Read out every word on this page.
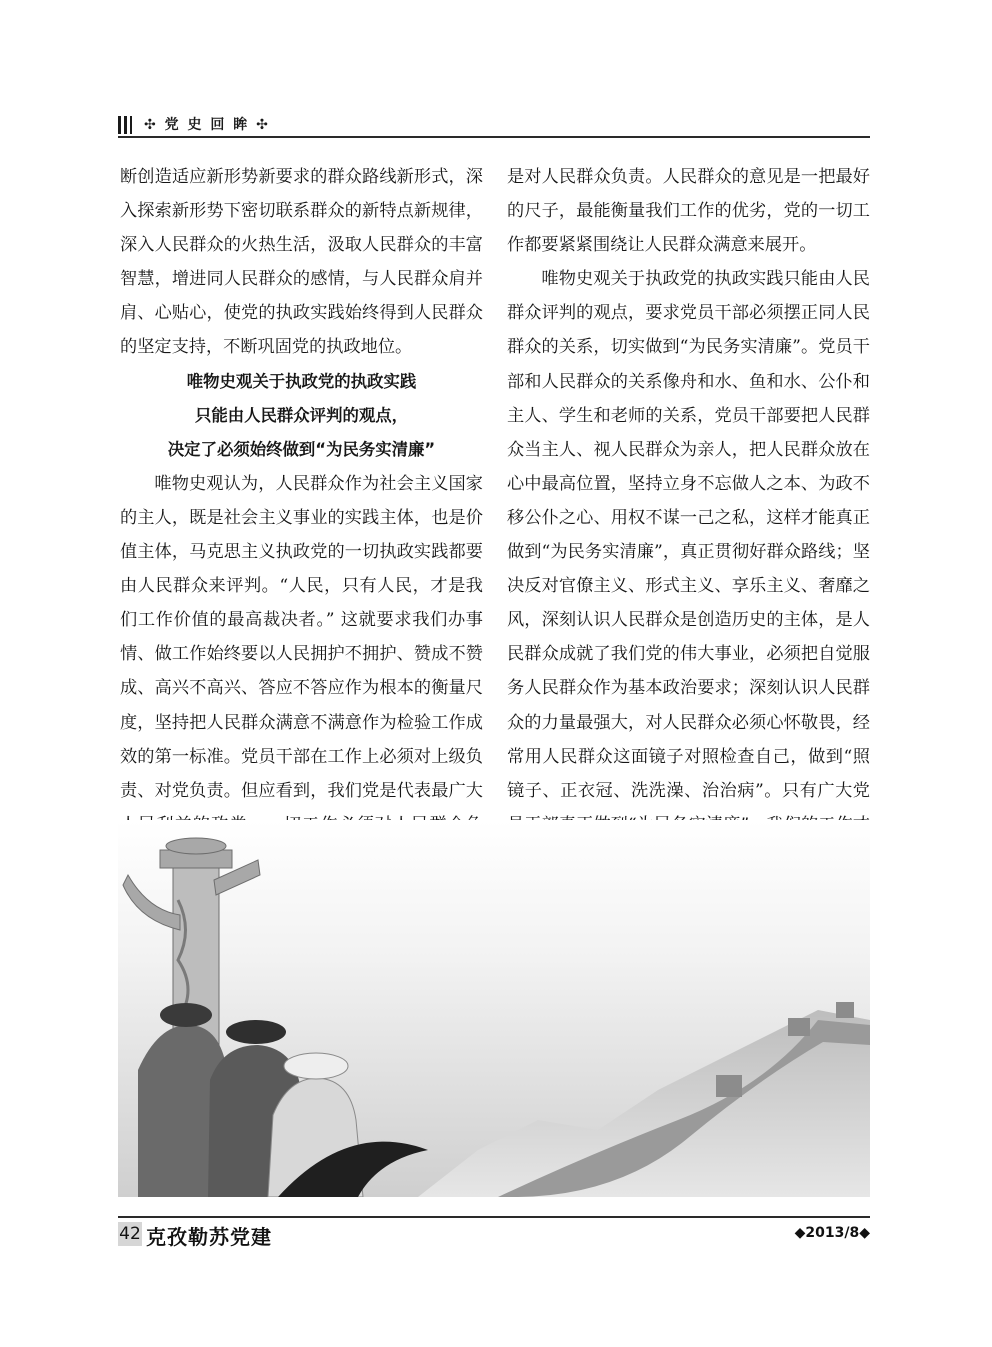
✣ 党 史 回 眸 ✣

断创造适应新形势新要求的群众路线新形式，深入探索新形势下密切联系群众的新特点新规律，深入人民群众的火热生活，汲取人民群众的丰富智慧，增进同人民群众的感情，与人民群众肩并肩、心贴心，使党的执政实践始终得到人民群众的坚定支持，不断巩固党的执政地位。

唯物史观关于执政党的执政实践

只能由人民群众评判的观点，

决定了必须始终做到“为民务实清廉”

唯物史观认为，人民群众作为社会主义国家的主人，既是社会主义事业的实践主体，也是价值主体，马克思主义执政党的一切执政实践都要由人民群众来评判。“人民，只有人民，才是我们工作价值的最高裁决者。” 这就要求我们办事情、做工作始终要以人民拥护不拥护、赞成不赞成、高兴不高兴、答应不答应作为根本的衡量尺度，坚持把人民群众满意不满意作为检验工作成效的第一标准。党员干部在工作上必须对上级负责、对党负责。但应看到，我们党是代表最广大

是对人民群众负责。人民群众的意见是一把最好的尺子，最能衡量我们工作的优劣，党的一切工作都要紧紧围绕让人民群众满意来展开。

唯物史观关于执政党的执政实践只能由人民群众评判的观点，要求党员干部必须摆正同人民群众的关系，切实做到“为民务实清廉”。党员干部和人民群众的关系像舟和水、鱼和水、公仆和主人、学生和老师的关系，党员干部要把人民群众当主人、视人民群众为亲人，把人民群众放在心中最高位置，坚持立身不忘做人之本、为政不移公仆之心、用权不谋一己之私，这样才能真正做到“为民务实清廉”，真正贯彻好群众路线；坚决反对官僚主义、形式主义、享乐主义、奢靡之风，深刻认识人民群众是创造历史的主体，是人民群众成就了我们党的伟大事业，必须把自觉服务人民群众作为基本政治要求；深刻认识人民群众的力量最强大，对人民群众必须心怀敬畏，经常用人民群众这面镜子对照检查自己，做到“照镜子、正衣冠、洗洗澡、治治病”。只有广大党

42 克孜勒苏党建	◆2013/8◆
